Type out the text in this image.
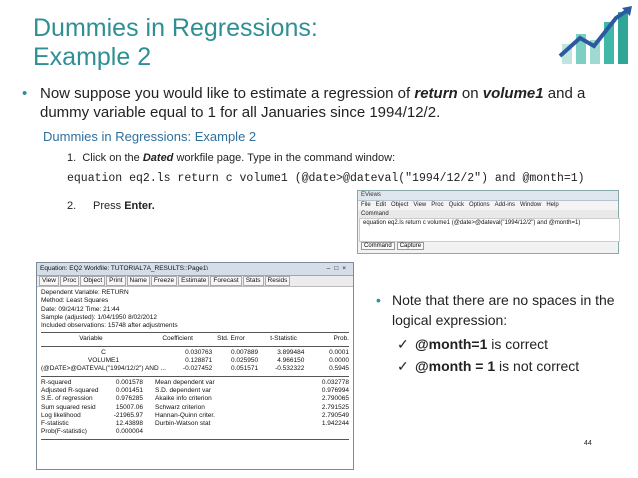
Dummies in Regressions:
Example 2
• Now suppose you would like to estimate a regression of return on volume1 and a dummy variable equal to 1 for all Januaries since 1994/12/2.
Dummies in Regressions: Example 2
1. Click on the Dated workfile page. Type in the command window:
equation eq2.ls return c volume1 (@date>@dateval("1994/12/2") and @month=1)
2. Press Enter.
EViews
File Edit Object View Proc Quick Options Add-ins Window Help
Command
equation eq2.ls return c volume1 (@date>@dateval("1994/12/2") and @month=1)
Command Capture
Equation: EQ2 Workfile: TUTORIAL7A_RESULTS::Page1\	–□×
View Proc Object Print Name Freeze Estimate Forecast Stats Resids
Dependent Variable: RETURN
Method: Least Squares
Date: 09/24/12 Time: 21:44
Sample (adjusted): 1/04/1950 8/02/2012
Included observations: 15748 after adjustments
Variable	Coefficient	Std. Error	t-Statistic	Prob.
C	0.030763	0.007889	3.899484	0.0001
VOLUME1	0.128871	0.025950	4.966150	0.0000
(@DATE>@DATEVAL("1994/12/2") AND ...	-0.027452	0.051571	-0.532322	0.5945
R-squared	0.001578	Mean dependent var	0.032778
Adjusted R-squared	0.001451	S.D. dependent var	0.976994
S.E. of regression	0.976285	Akaike info criterion	2.790065
Sum squared resid	15007.06	Schwarz criterion	2.791525
Log likelihood	-21965.97	Hannan-Quinn criter.	2.790549
F-statistic	12.43898	Durbin-Watson stat	1.942244
Prob(F-statistic)	0.000004		
• Note that there are no spaces in the logical expression:
✓ @month=1 is correct
✓ @month = 1 is not correct
44
